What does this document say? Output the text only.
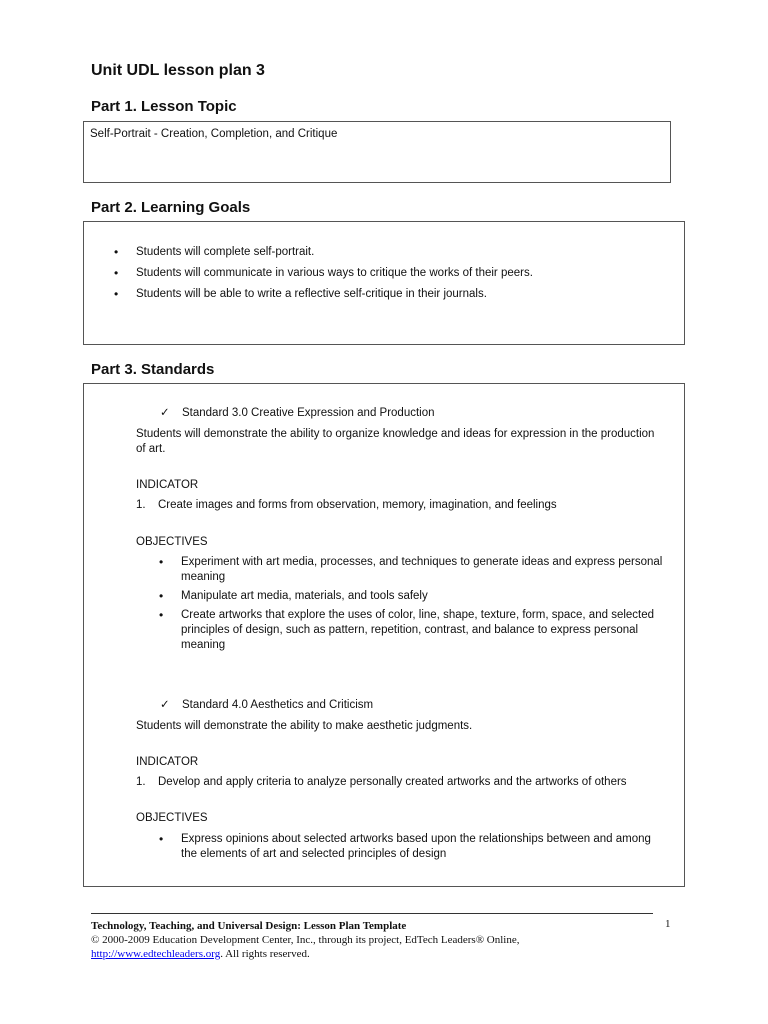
Unit UDL lesson plan 3
Part 1. Lesson Topic
Self-Portrait - Creation, Completion, and Critique
Part 2. Learning Goals
• Students will complete self-portrait.
• Students will communicate in various ways to critique the works of their peers.
• Students will be able to write a reflective self-critique in their journals.
Part 3. Standards
✓ Standard 3.0 Creative Expression and Production
Students will demonstrate the ability to organize knowledge and ideas for expression in the production of art.
INDICATOR
1. Create images and forms from observation, memory, imagination, and feelings
OBJECTIVES
• Experiment with art media, processes, and techniques to generate ideas and express personal meaning
• Manipulate art media, materials, and tools safely
• Create artworks that explore the uses of color, line, shape, texture, form, space, and selected principles of design, such as pattern, repetition, contrast, and balance to express personal meaning
✓ Standard 4.0 Aesthetics and Criticism
Students will demonstrate the ability to make aesthetic judgments.
INDICATOR
1. Develop and apply criteria to analyze personally created artworks and the artworks of others
OBJECTIVES
• Express opinions about selected artworks based upon the relationships between and among the elements of art and selected principles of design
1
Technology, Teaching, and Universal Design: Lesson Plan Template
© 2000-2009 Education Development Center, Inc., through its project, EdTech Leaders® Online,
http://www.edtechleaders.org. All rights reserved.
